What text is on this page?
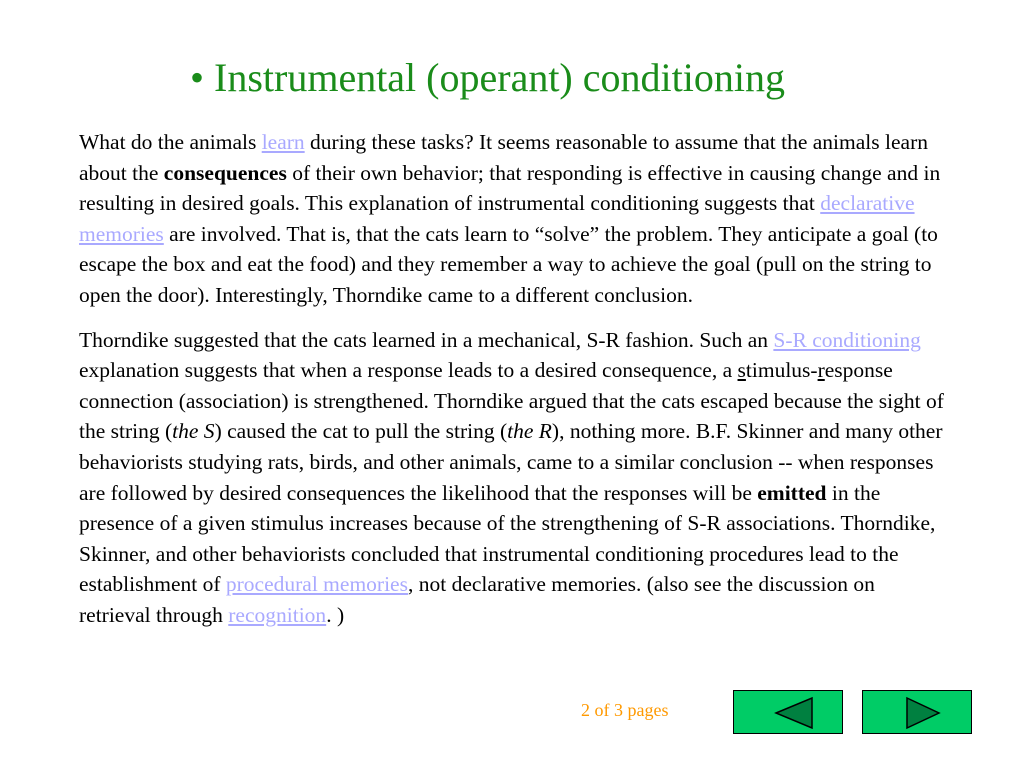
• Instrumental (operant) conditioning

What do the animals learn during these tasks? It seems reasonable to assume that the animals learn about the consequences of their own behavior; that responding is effective in causing change and in resulting in desired goals. This explanation of instrumental conditioning suggests that declarative memories are involved. That is, that the cats learn to “solve” the problem. They anticipate a goal (to escape the box and eat the food) and they remember a way to achieve the goal (pull on the string to open the door). Interestingly, Thorndike came to a different conclusion.

Thorndike suggested that the cats learned in a mechanical, S-R fashion. Such an S-R conditioning explanation suggests that when a response leads to a desired consequence, a stimulus-response connection (association) is strengthened. Thorndike argued that the cats escaped because the sight of the string (the S) caused the cat to pull the string (the R), nothing more. B.F. Skinner and many other behaviorists studying rats, birds, and other animals, came to a similar conclusion -- when responses are followed by desired consequences the likelihood that the responses will be emitted in the presence of a given stimulus increases because of the strengthening of S-R associations. Thorndike, Skinner, and other behaviorists concluded that instrumental conditioning procedures lead to the establishment of procedural memories, not declarative memories. (also see the discussion on retrieval through recognition. )

2 of 3 pages
